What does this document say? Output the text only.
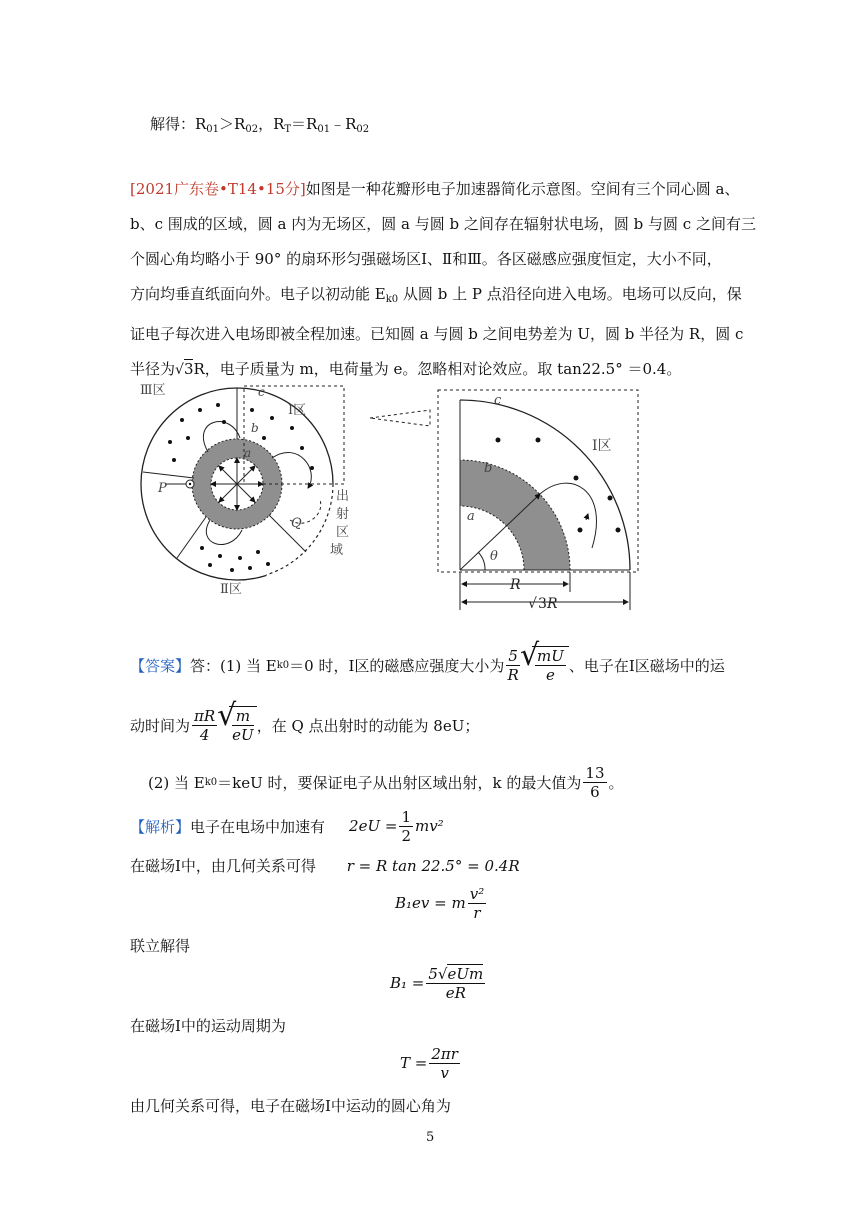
解得：$R_{01}>R_{02}$，$R_T=R_{01}﹣R_{02}$
[2021广东卷•T14•15分]如图是一种花瓣形电子加速器简化示意图。空间有三个同心圆 a、
b、c 围成的区域，圆 a 内为无场区，圆 a 与圆 b 之间存在辐射状电场，圆 b 与圆 c 之间有三
个圆心角均略小于 90° 的扇环形匀强磁场区Ⅰ、Ⅱ和Ⅲ。各区磁感应强度恒定，大小不同，
方向均垂直纸面向外。电子以初动能 $E_{k0}$ 从圆 b 上 P 点沿径向进入电场。电场可以反向，保
证电子每次进入电场即被全程加速。已知圆 a 与圆 b 之间电势差为 U，圆 b 半径为 R，圆 c
半径为√3R，电子质量为 m，电荷量为 e。忽略相对论效应。取 tan22.5° ＝0.4。
Ⅲ区
Ⅰ区
Ⅱ区
c
b
a
P
Q
出
射
区
域
c
b
a
Ⅰ区
θ
R
√ 3 R
【答案】 答：(1) 当 E k0 ＝0 时，Ⅰ区的磁感应强度大小为 $\frac{5}{R}$ √ $\frac{mU}{e}$ 、电子在Ⅰ区磁场中的运
动时间为 $\frac{\pi R}{4}$ √ $\frac{m}{eU}$ ，在 Q 点出射时的动能为 8eU；
(2) 当 E k0 ＝keU 时，要保证电子从出射区域出射，k 的最大值为 $\frac{13}{6}$ 。
【解析】 电子在电场中加速有 $2eU = \frac{1}{2} mv^2$
在磁场Ⅰ中，由几何关系可得 r = R tan 22.5° = 0.4R
B₁ev = m $\frac{\text{v²}}{r}$
联立解得
$B_1 = \frac{\text{5√eUm}}{eR}$
在磁场Ⅰ中的运动周期为
$T = \frac{2\pi r}{v}$
由几何关系可得，电子在磁场Ⅰ中运动的圆心角为
5
